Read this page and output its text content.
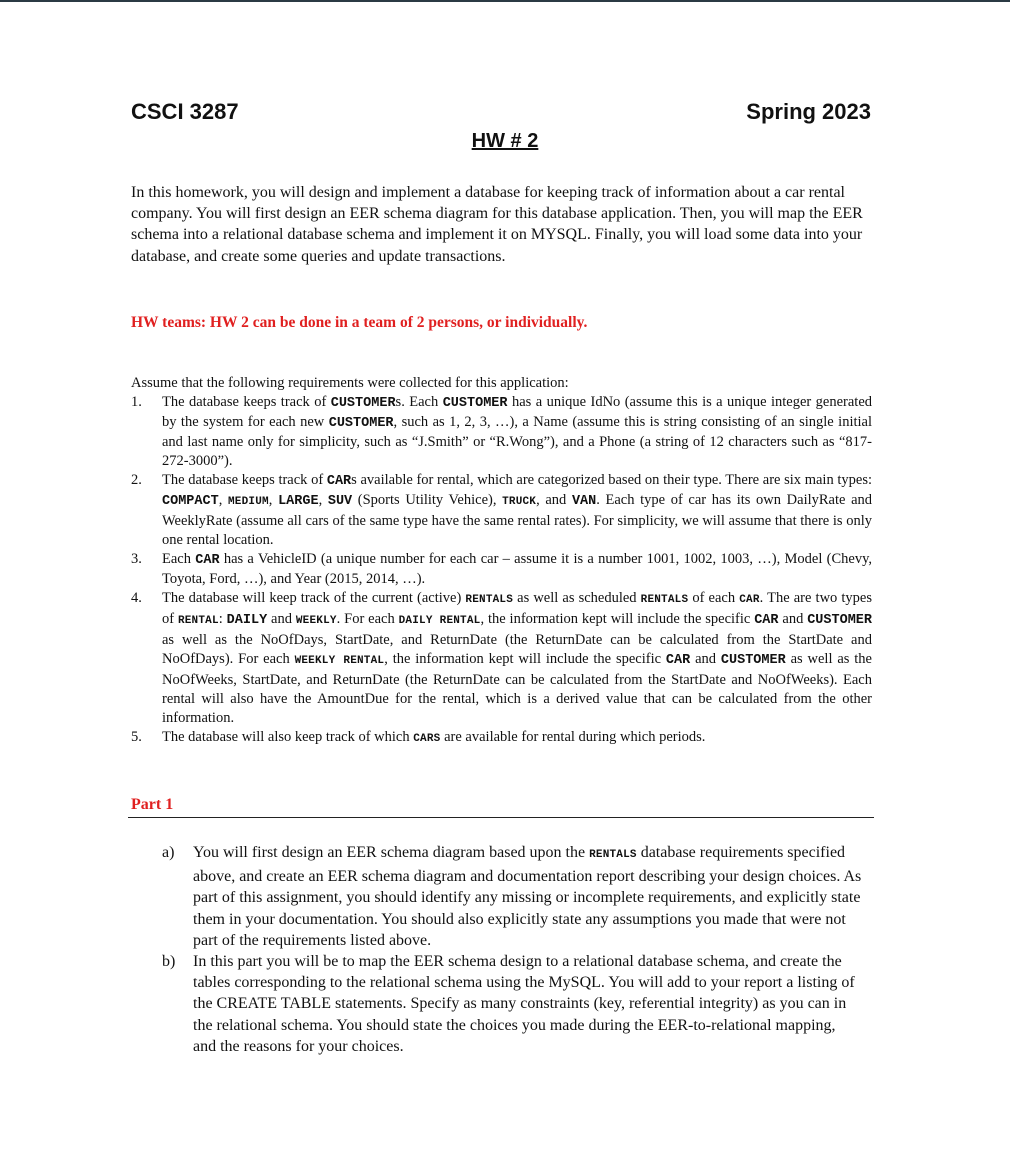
CSCI 3287	Spring 2023
HW # 2

In this homework, you will design and implement a database for keeping track of information about a car rental company. You will first design an EER schema diagram for this database application. Then, you will map the EER schema into a relational database schema and implement it on MYSQL. Finally, you will load some data into your database, and create some queries and update transactions.

HW teams: HW 2 can be done in a team of 2 persons, or individually.

Assume that the following requirements were collected for this application:

1. The database keeps track of CUSTOMERs. Each CUSTOMER has a unique IdNo (assume this is a unique integer generated by the system for each new CUSTOMER, such as 1, 2, 3, …), a Name (assume this is string consisting of an single initial and last name only for simplicity, such as “J.Smith” or “R.Wong”), and a Phone (a string of 12 characters such as “817-272-3000”).
2. The database keeps track of CARs available for rental, which are categorized based on their type. There are six main types: COMPACT, MEDIUM, LARGE, SUV (Sports Utility Vehice), TRUCK, and VAN. Each type of car has its own DailyRate and WeeklyRate (assume all cars of the same type have the same rental rates). For simplicity, we will assume that there is only one rental location.
3. Each CAR has a VehicleID (a unique number for each car – assume it is a number 1001, 1002, 1003, …), Model (Chevy, Toyota, Ford, …), and Year (2015, 2014, …).
4. The database will keep track of the current (active) RENTALS as well as scheduled RENTALS of each CAR. The are two types of RENTAL: DAILY and WEEKLY. For each DAILY RENTAL, the information kept will include the specific CAR and CUSTOMER as well as the NoOfDays, StartDate, and ReturnDate (the ReturnDate can be calculated from the StartDate and NoOfDays). For each WEEKLY RENTAL, the information kept will include the specific CAR and CUSTOMER as well as the NoOfWeeks, StartDate, and ReturnDate (the ReturnDate can be calculated from the StartDate and NoOfWeeks). Each rental will also have the AmountDue for the rental, which is a derived value that can be calculated from the other information.
5. The database will also keep track of which CARS are available for rental during which periods.
Part 1
a) You will first design an EER schema diagram based upon the RENTALS database requirements specified above, and create an EER schema diagram and documentation report describing your design choices. As part of this assignment, you should identify any missing or incomplete requirements, and explicitly state them in your documentation. You should also explicitly state any assumptions you made that were not part of the requirements listed above.
b) In this part you will be to map the EER schema design to a relational database schema, and create the tables corresponding to the relational schema using the MySQL. You will add to your report a listing of the CREATE TABLE statements. Specify as many constraints (key, referential integrity) as you can in the relational schema. You should state the choices you made during the EER-to-relational mapping, and the reasons for your choices.
